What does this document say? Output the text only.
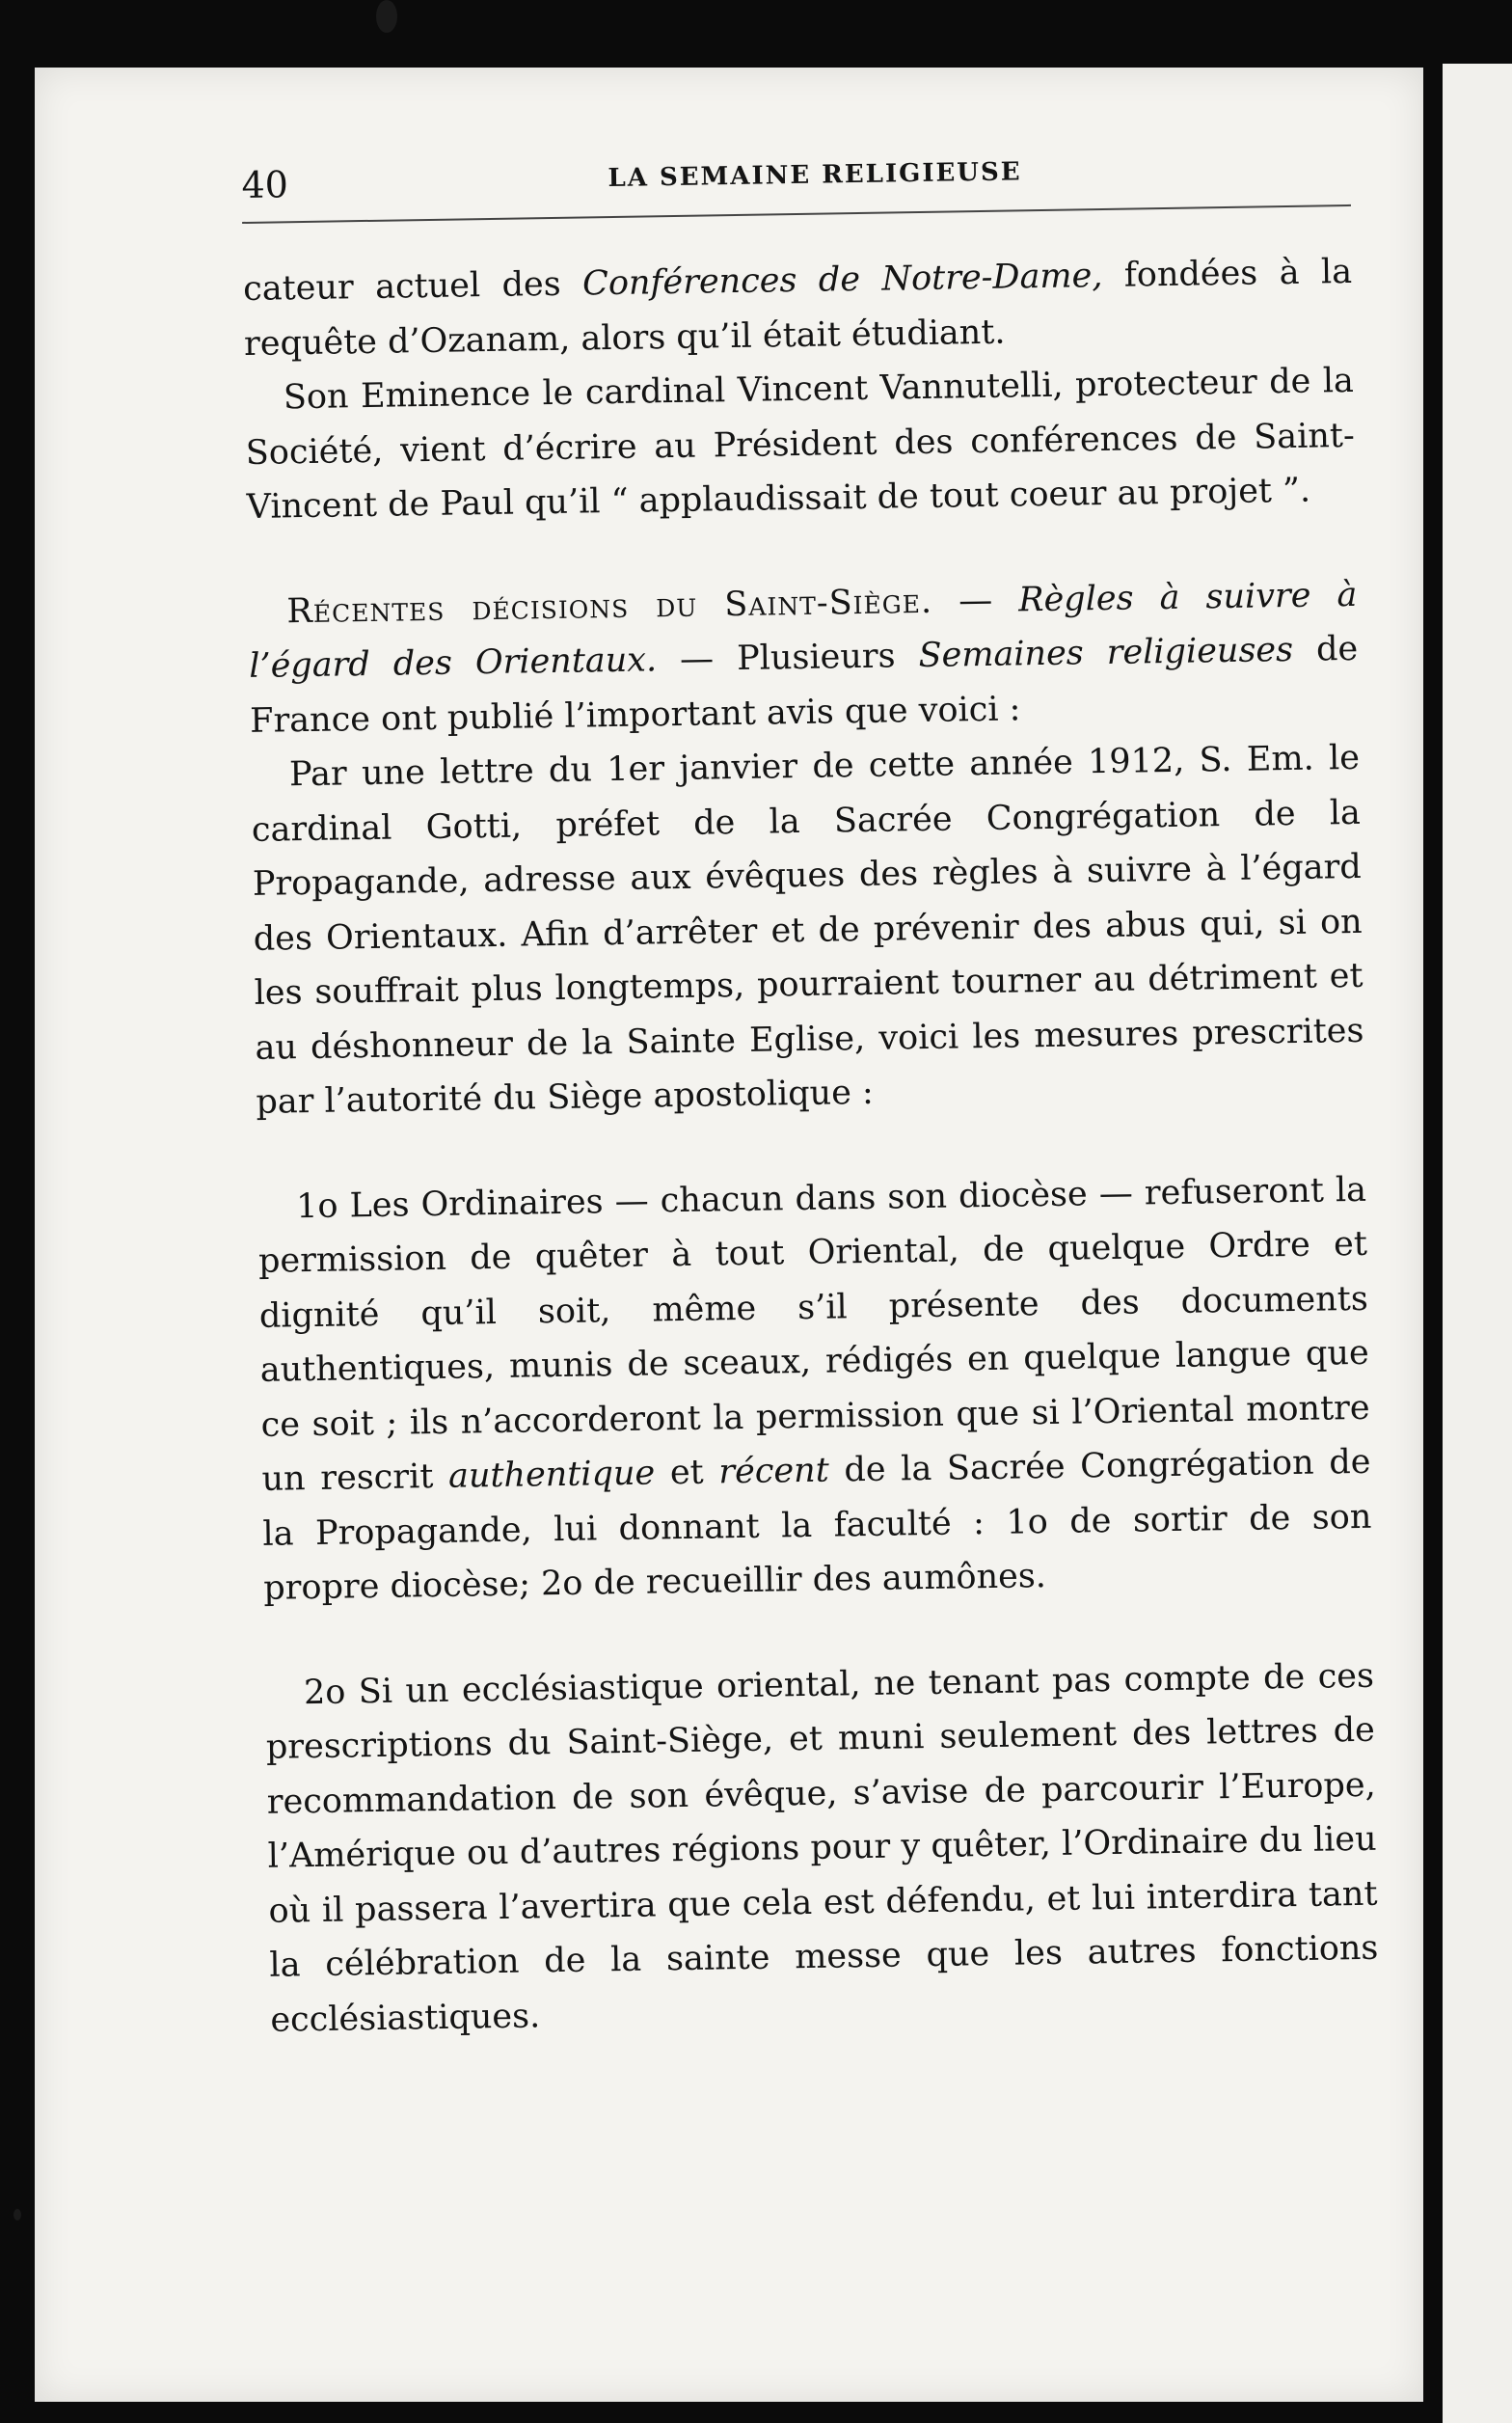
40	LA SEMAINE RELIGIEUSE

cateur actuel des Conférences de Notre-Dame, fondées à la requête d’Ozanam, alors qu’il était étudiant.

Son Eminence le cardinal Vincent Vannutelli, protecteur de la Société, vient d’écrire au Président des conférences de Saint-Vincent de Paul qu’il “ applaudissait de tout coeur au projet ”.

Récentes décisions du Saint-Siège. — Règles à suivre à l’égard des Orientaux. — Plusieurs Semaines religieuses de France ont publié l’important avis que voici :

Par une lettre du 1er janvier de cette année 1912, S. Em. le cardinal Gotti, préfet de la Sacrée Congrégation de la Propagande, adresse aux évêques des règles à suivre à l’égard des Orientaux. Afin d’arrêter et de prévenir des abus qui, si on les souffrait plus longtemps, pourraient tourner au détriment et au déshonneur de la Sainte Eglise, voici les mesures prescrites par l’autorité du Siège apostolique :

1o Les Ordinaires — chacun dans son diocèse — refuseront la permission de quêter à tout Oriental, de quelque Ordre et dignité qu’il soit, même s’il présente des documents authentiques, munis de sceaux, rédigés en quelque langue que ce soit ; ils n’accorderont la permission que si l’Oriental montre un rescrit authentique et récent de la Sacrée Congrégation de la Propagande, lui donnant la faculté : 1o de sortir de son propre diocèse; 2o de recueillir des aumônes.

2o Si un ecclésiastique oriental, ne tenant pas compte de ces prescriptions du Saint-Siège, et muni seulement des lettres de recommandation de son évêque, s’avise de parcourir l’Europe, l’Amérique ou d’autres régions pour y quêter, l’Ordinaire du lieu où il passera l’avertira que cela est défendu, et lui interdira tant la célébration de la sainte messe que les autres fonctions ecclésiastiques.
